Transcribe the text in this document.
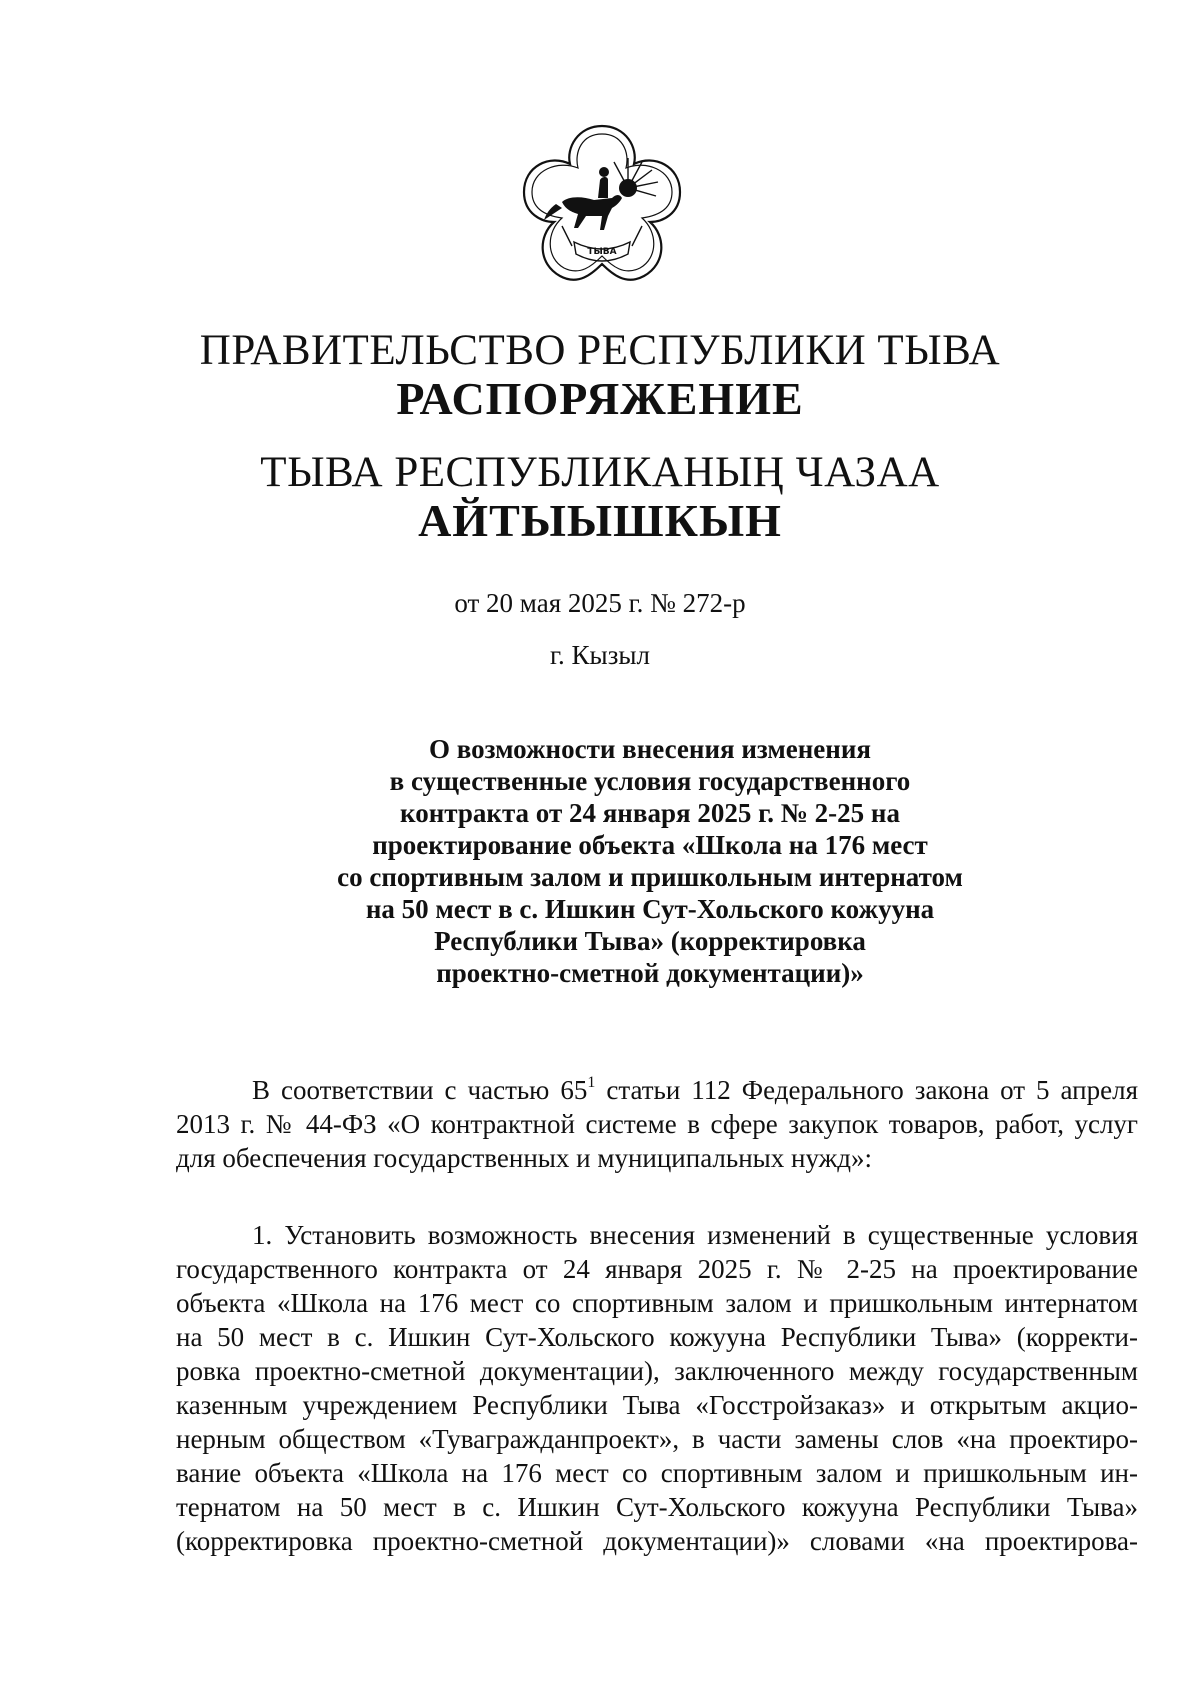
ТЫВА
ПРАВИТЕЛЬСТВО РЕСПУБЛИКИ ТЫВА
РАСПОРЯЖЕНИЕ
ТЫВА РЕСПУБЛИКАНЫҢ ЧАЗАА
АЙТЫЫШКЫН
от 20 мая 2025 г. № 272-р
г. Кызыл
О возможности внесения изменения
в существенные условия государственного
контракта от 24 января 2025 г. № 2-25 на
проектирование объекта «Школа на 176 мест
со спортивным залом и пришкольным интернатом
на 50 мест в с. Ишкин Сут-Хольского кожууна
Республики Тыва» (корректировка
проектно-сметной документации)»
В соответствии с частью $65^1$ статьи 112 Федерального закона от 5 апреля
2013 г. № 44-ФЗ «О контрактной системе в сфере закупок товаров, работ, услуг
для обеспечения государственных и муниципальных нужд»:
1. Установить возможность внесения изменений в существенные условия
государственного контракта от 24 января 2025 г. № 2-25 на проектирование
объекта «Школа на 176 мест со спортивным залом и пришкольным интернатом
на 50 мест в с. Ишкин Сут-Хольского кожууна Республики Тыва» (корректи-
ровка проектно-сметной документации), заключенного между государственным
казенным учреждением Республики Тыва «Госстройзаказ» и открытым акцио-
нерным обществом «Тувагражданпроект», в части замены слов «на проектиро-
вание объекта «Школа на 176 мест со спортивным залом и пришкольным ин-
тернатом на 50 мест в с. Ишкин Сут-Хольского кожууна Республики Тыва»
(корректировка проектно-сметной документации)» словами «на проектирова-
